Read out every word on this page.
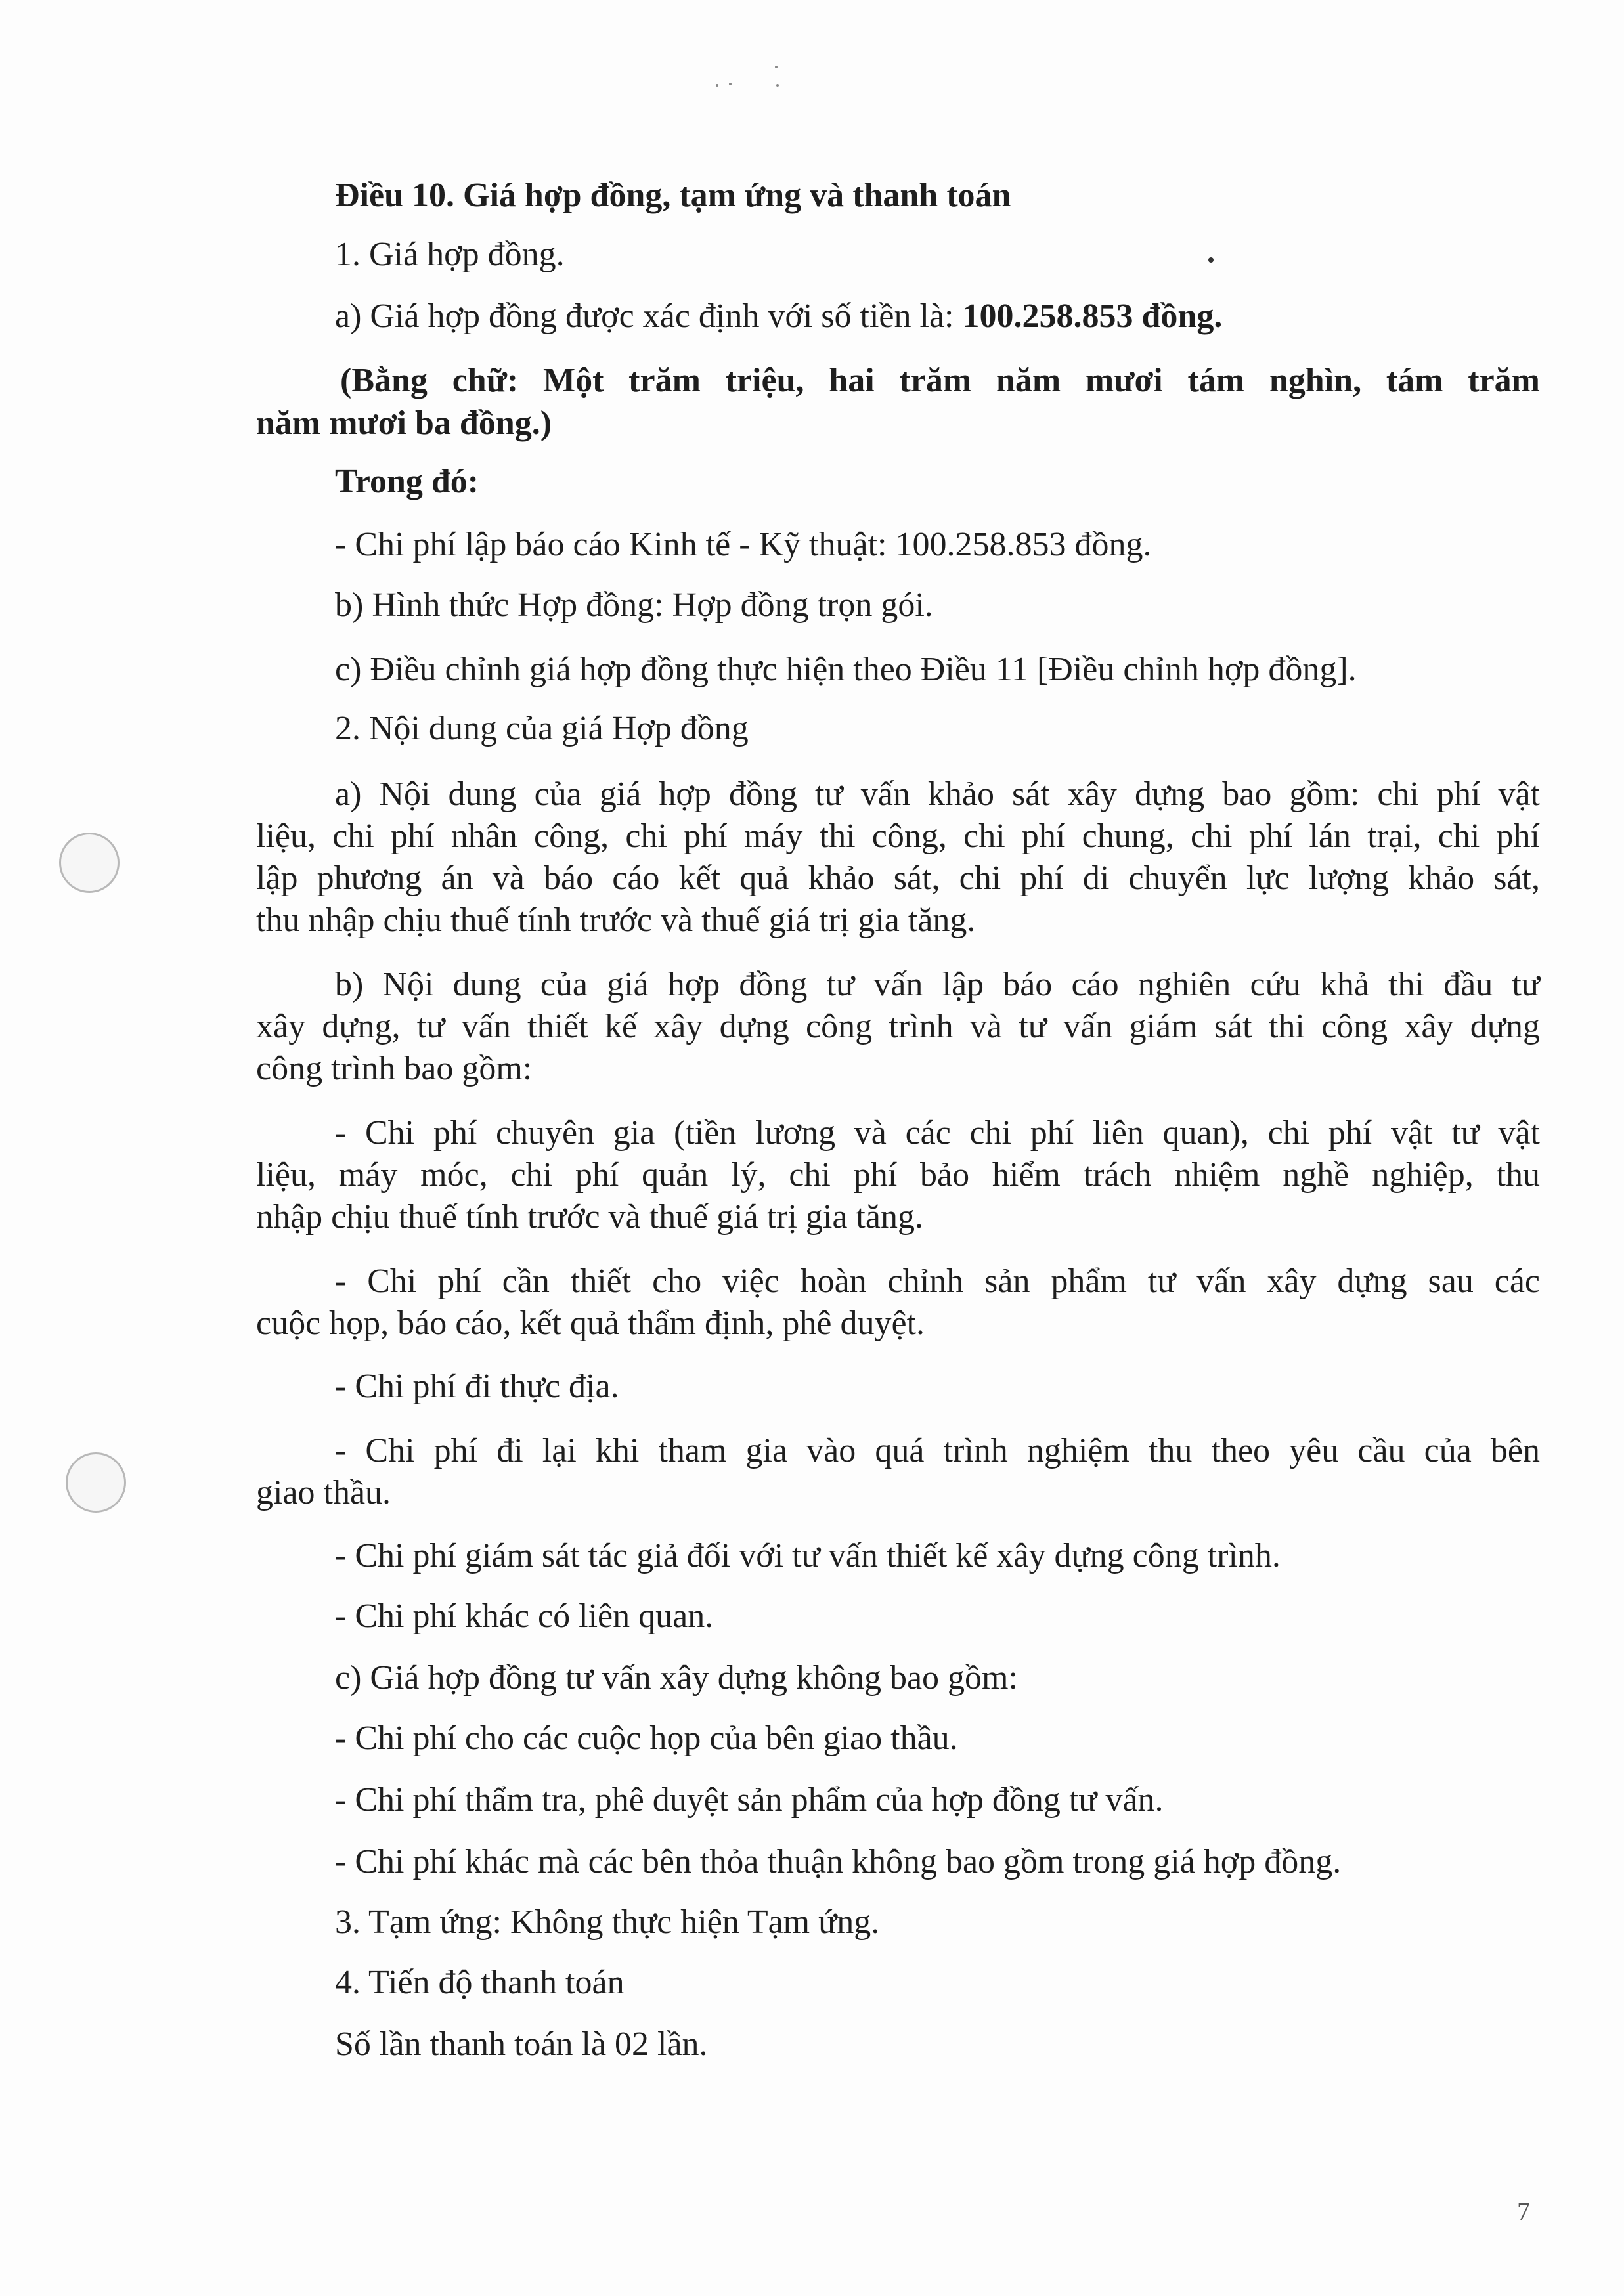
Điều 10. Giá hợp đồng, tạm ứng và thanh toán
1. Giá hợp đồng.
a) Giá hợp đồng được xác định với số tiền là: 100.258.853 đồng.
(Bằng chữ: Một trăm triệu, hai trăm năm mươi tám nghìn, tám trăm
năm mươi ba đồng.)
Trong đó:
- Chi phí lập báo cáo Kinh tế - Kỹ thuật: 100.258.853 đồng.
b) Hình thức Hợp đồng: Hợp đồng trọn gói.
c) Điều chỉnh giá hợp đồng thực hiện theo Điều 11 [Điều chỉnh hợp đồng].
2. Nội dung của giá Hợp đồng
a) Nội dung của giá hợp đồng tư vấn khảo sát xây dựng bao gồm: chi phí vật
liệu, chi phí nhân công, chi phí máy thi công, chi phí chung, chi phí lán trại, chi phí
lập phương án và báo cáo kết quả khảo sát, chi phí di chuyển lực lượng khảo sát,
thu nhập chịu thuế tính trước và thuế giá trị gia tăng.
b) Nội dung của giá hợp đồng tư vấn lập báo cáo nghiên cứu khả thi đầu tư
xây dựng, tư vấn thiết kế xây dựng công trình và tư vấn giám sát thi công xây dựng
công trình bao gồm:
- Chi phí chuyên gia (tiền lương và các chi phí liên quan), chi phí vật tư vật
liệu, máy móc, chi phí quản lý, chi phí bảo hiểm trách nhiệm nghề nghiệp, thu
nhập chịu thuế tính trước và thuế giá trị gia tăng.
- Chi phí cần thiết cho việc hoàn chỉnh sản phẩm tư vấn xây dựng sau các
cuộc họp, báo cáo, kết quả thẩm định, phê duyệt.
- Chi phí đi thực địa.
- Chi phí đi lại khi tham gia vào quá trình nghiệm thu theo yêu cầu của bên
giao thầu.
- Chi phí giám sát tác giả đối với tư vấn thiết kế xây dựng công trình.
- Chi phí khác có liên quan.
c) Giá hợp đồng tư vấn xây dựng không bao gồm:
- Chi phí cho các cuộc họp của bên giao thầu.
- Chi phí thẩm tra, phê duyệt sản phẩm của hợp đồng tư vấn.
- Chi phí khác mà các bên thỏa thuận không bao gồm trong giá hợp đồng.
3. Tạm ứng: Không thực hiện Tạm ứng.
4. Tiến độ thanh toán
Số lần thanh toán là 02 lần.
7
